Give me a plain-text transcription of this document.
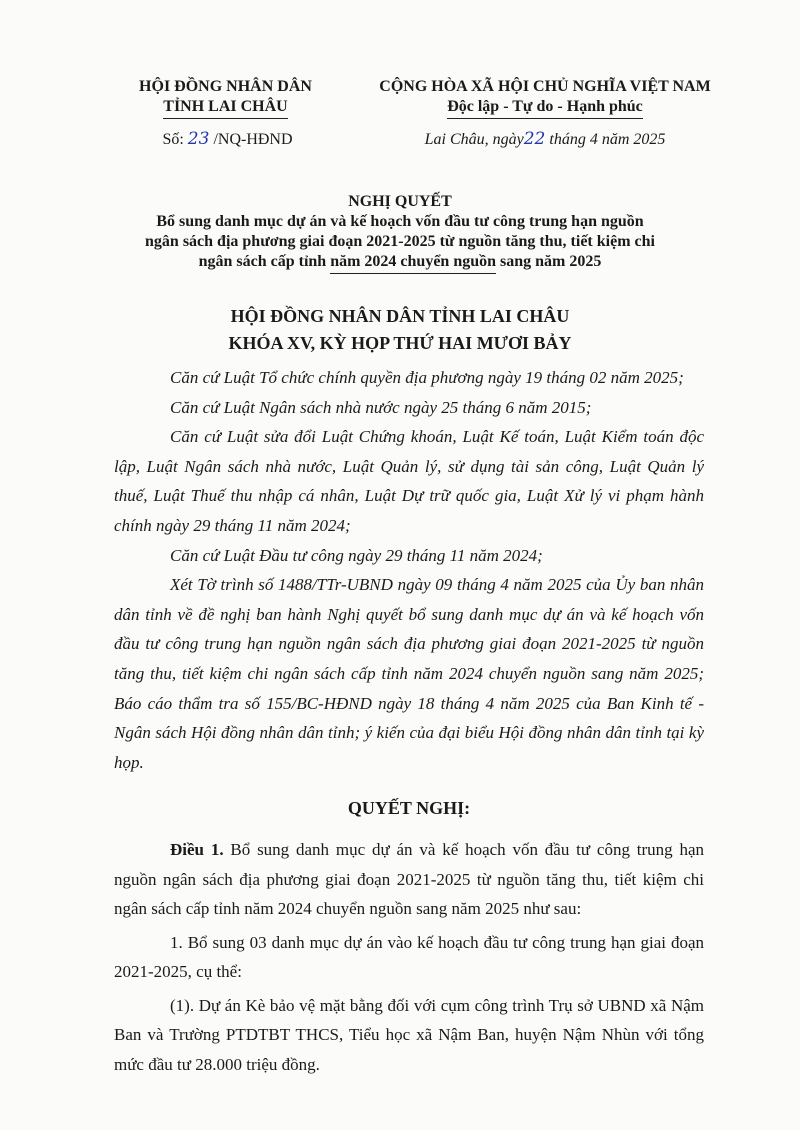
HỘI ĐỒNG NHÂN DÂN
TỈNH LAI CHÂU
CỘNG HÒA XÃ HỘI CHỦ NGHĨA VIỆT NAM
Độc lập - Tự do - Hạnh phúc
Số: 23 /NQ-HĐND	Lai Châu, ngày22 tháng 4 năm 2025
NGHỊ QUYẾT
Bổ sung danh mục dự án và kế hoạch vốn đầu tư công trung hạn nguồn
ngân sách địa phương giai đoạn 2021-2025 từ nguồn tăng thu, tiết kiệm chi
ngân sách cấp tỉnh năm 2024 chuyển nguồn sang năm 2025
HỘI ĐỒNG NHÂN DÂN TỈNH LAI CHÂU
KHÓA XV, KỲ HỌP THỨ HAI MƯƠI BẢY

Căn cứ Luật Tổ chức chính quyền địa phương ngày 19 tháng 02 năm 2025;

Căn cứ Luật Ngân sách nhà nước ngày 25 tháng 6 năm 2015;

Căn cứ Luật sửa đổi Luật Chứng khoán, Luật Kế toán, Luật Kiểm toán độc lập, Luật Ngân sách nhà nước, Luật Quản lý, sử dụng tài sản công, Luật Quản lý thuế, Luật Thuế thu nhập cá nhân, Luật Dự trữ quốc gia, Luật Xử lý vi phạm hành chính ngày 29 tháng 11 năm 2024;

Căn cứ Luật Đầu tư công ngày 29 tháng 11 năm 2024;

Xét Tờ trình số 1488/TTr-UBND ngày 09 tháng 4 năm 2025 của Ủy ban nhân dân tỉnh về đề nghị ban hành Nghị quyết bổ sung danh mục dự án và kế hoạch vốn đầu tư công trung hạn nguồn ngân sách địa phương giai đoạn 2021-2025 từ nguồn tăng thu, tiết kiệm chi ngân sách cấp tỉnh năm 2024 chuyển nguồn sang năm 2025; Báo cáo thẩm tra số 155/BC-HĐND ngày 18 tháng 4 năm 2025 của Ban Kinh tế - Ngân sách Hội đồng nhân dân tỉnh; ý kiến của đại biểu Hội đồng nhân dân tỉnh tại kỳ họp.

QUYẾT NGHỊ:

Điều 1. Bổ sung danh mục dự án và kế hoạch vốn đầu tư công trung hạn nguồn ngân sách địa phương giai đoạn 2021-2025 từ nguồn tăng thu, tiết kiệm chi ngân sách cấp tỉnh năm 2024 chuyển nguồn sang năm 2025 như sau:

1. Bổ sung 03 danh mục dự án vào kế hoạch đầu tư công trung hạn giai đoạn 2021-2025, cụ thể:

(1). Dự án Kè bảo vệ mặt bằng đối với cụm công trình Trụ sở UBND xã Nậm Ban và Trường PTDTBT THCS, Tiểu học xã Nậm Ban, huyện Nậm Nhùn với tổng mức đầu tư 28.000 triệu đồng.
